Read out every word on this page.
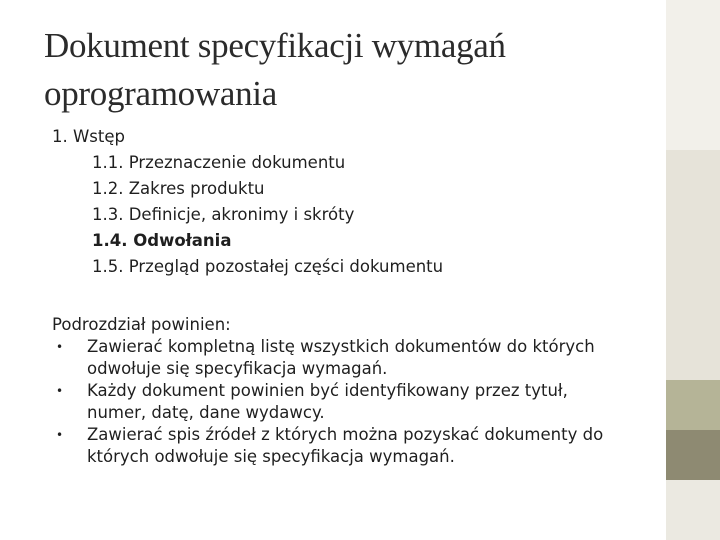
Dokument specyfikacji wymagań oprogramowania
1. Wstęp
1.1. Przeznaczenie dokumentu
1.2. Zakres produktu
1.3. Definicje, akronimy i skróty
1.4. Odwołania
1.5. Przegląd pozostałej części dokumentu
Podrozdział powinien:
• Zawierać kompletną listę wszystkich dokumentów do których odwołuje się specyfikacja wymagań.
• Każdy dokument powinien być identyfikowany przez tytuł, numer, datę, dane wydawcy.
• Zawierać spis źródeł z których można pozyskać dokumenty do których odwołuje się specyfikacja wymagań.
